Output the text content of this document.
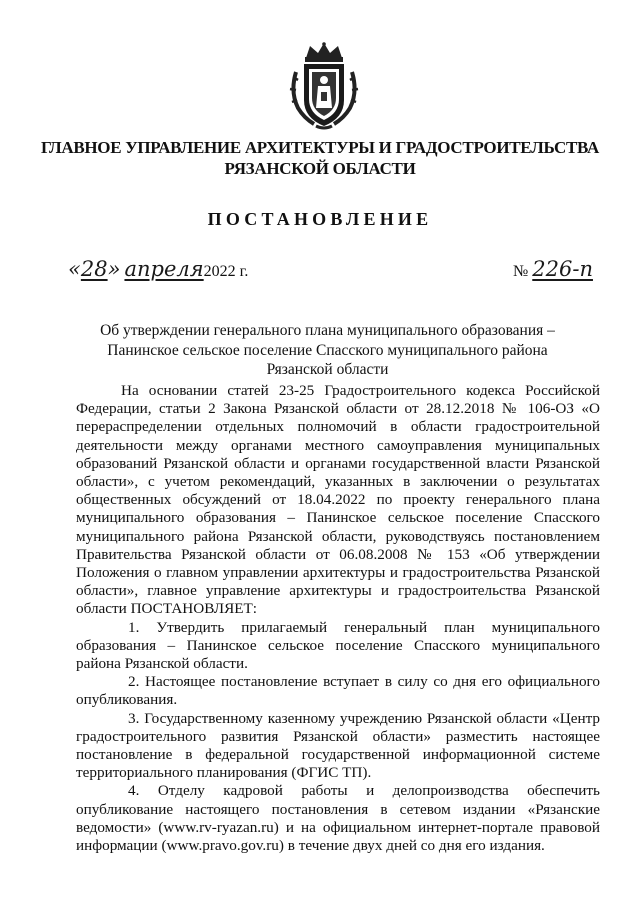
ГЛАВНОЕ УПРАВЛЕНИЕ АРХИТЕКТУРЫ И ГРАДОСТРОИТЕЛЬСТВА
РЯЗАНСКОЙ ОБЛАСТИ
ПОСТАНОВЛЕНИЕ
«28» апреля2022 г.	№ 226-п
Об утверждении генерального плана муниципального образования –
Панинское сельское поселение Спасского муниципального района
Рязанской области

На основании статей 23-25 Градостроительного кодекса Российской Федерации, статьи 2 Закона Рязанской области от 28.12.2018 № 106-ОЗ «О перераспределении отдельных полномочий в области градостроительной деятельности между органами местного самоуправления муниципальных образований Рязанской области и органами государственной власти Рязанской области», с учетом рекомендаций, указанных в заключении о результатах общественных обсуждений от 18.04.2022 по проекту генерального плана муниципального образования – Панинское сельское поселение Спасского муниципального района Рязанской области, руководствуясь постановлением Правительства Рязанской области от 06.08.2008 № 153 «Об утверждении Положения о главном управлении архитектуры и градостроительства Рязанской области», главное управление архитектуры и градостроительства Рязанской области ПОСТАНОВЛЯЕТ:

1. Утвердить прилагаемый генеральный план муниципального образования – Панинское сельское поселение Спасского муниципального района Рязанской области.

2. Настоящее постановление вступает в силу со дня его официального опубликования.

3. Государственному казенному учреждению Рязанской области «Центр градостроительного развития Рязанской области» разместить настоящее постановление в федеральной государственной информационной системе территориального планирования (ФГИС ТП).

4. Отделу кадровой работы и делопроизводства обеспечить опубликование настоящего постановления в сетевом издании «Рязанские ведомости» (www.rv-ryazan.ru) и на официальном интернет-портале правовой информации (www.pravo.gov.ru) в течение двух дней со дня его издания.
